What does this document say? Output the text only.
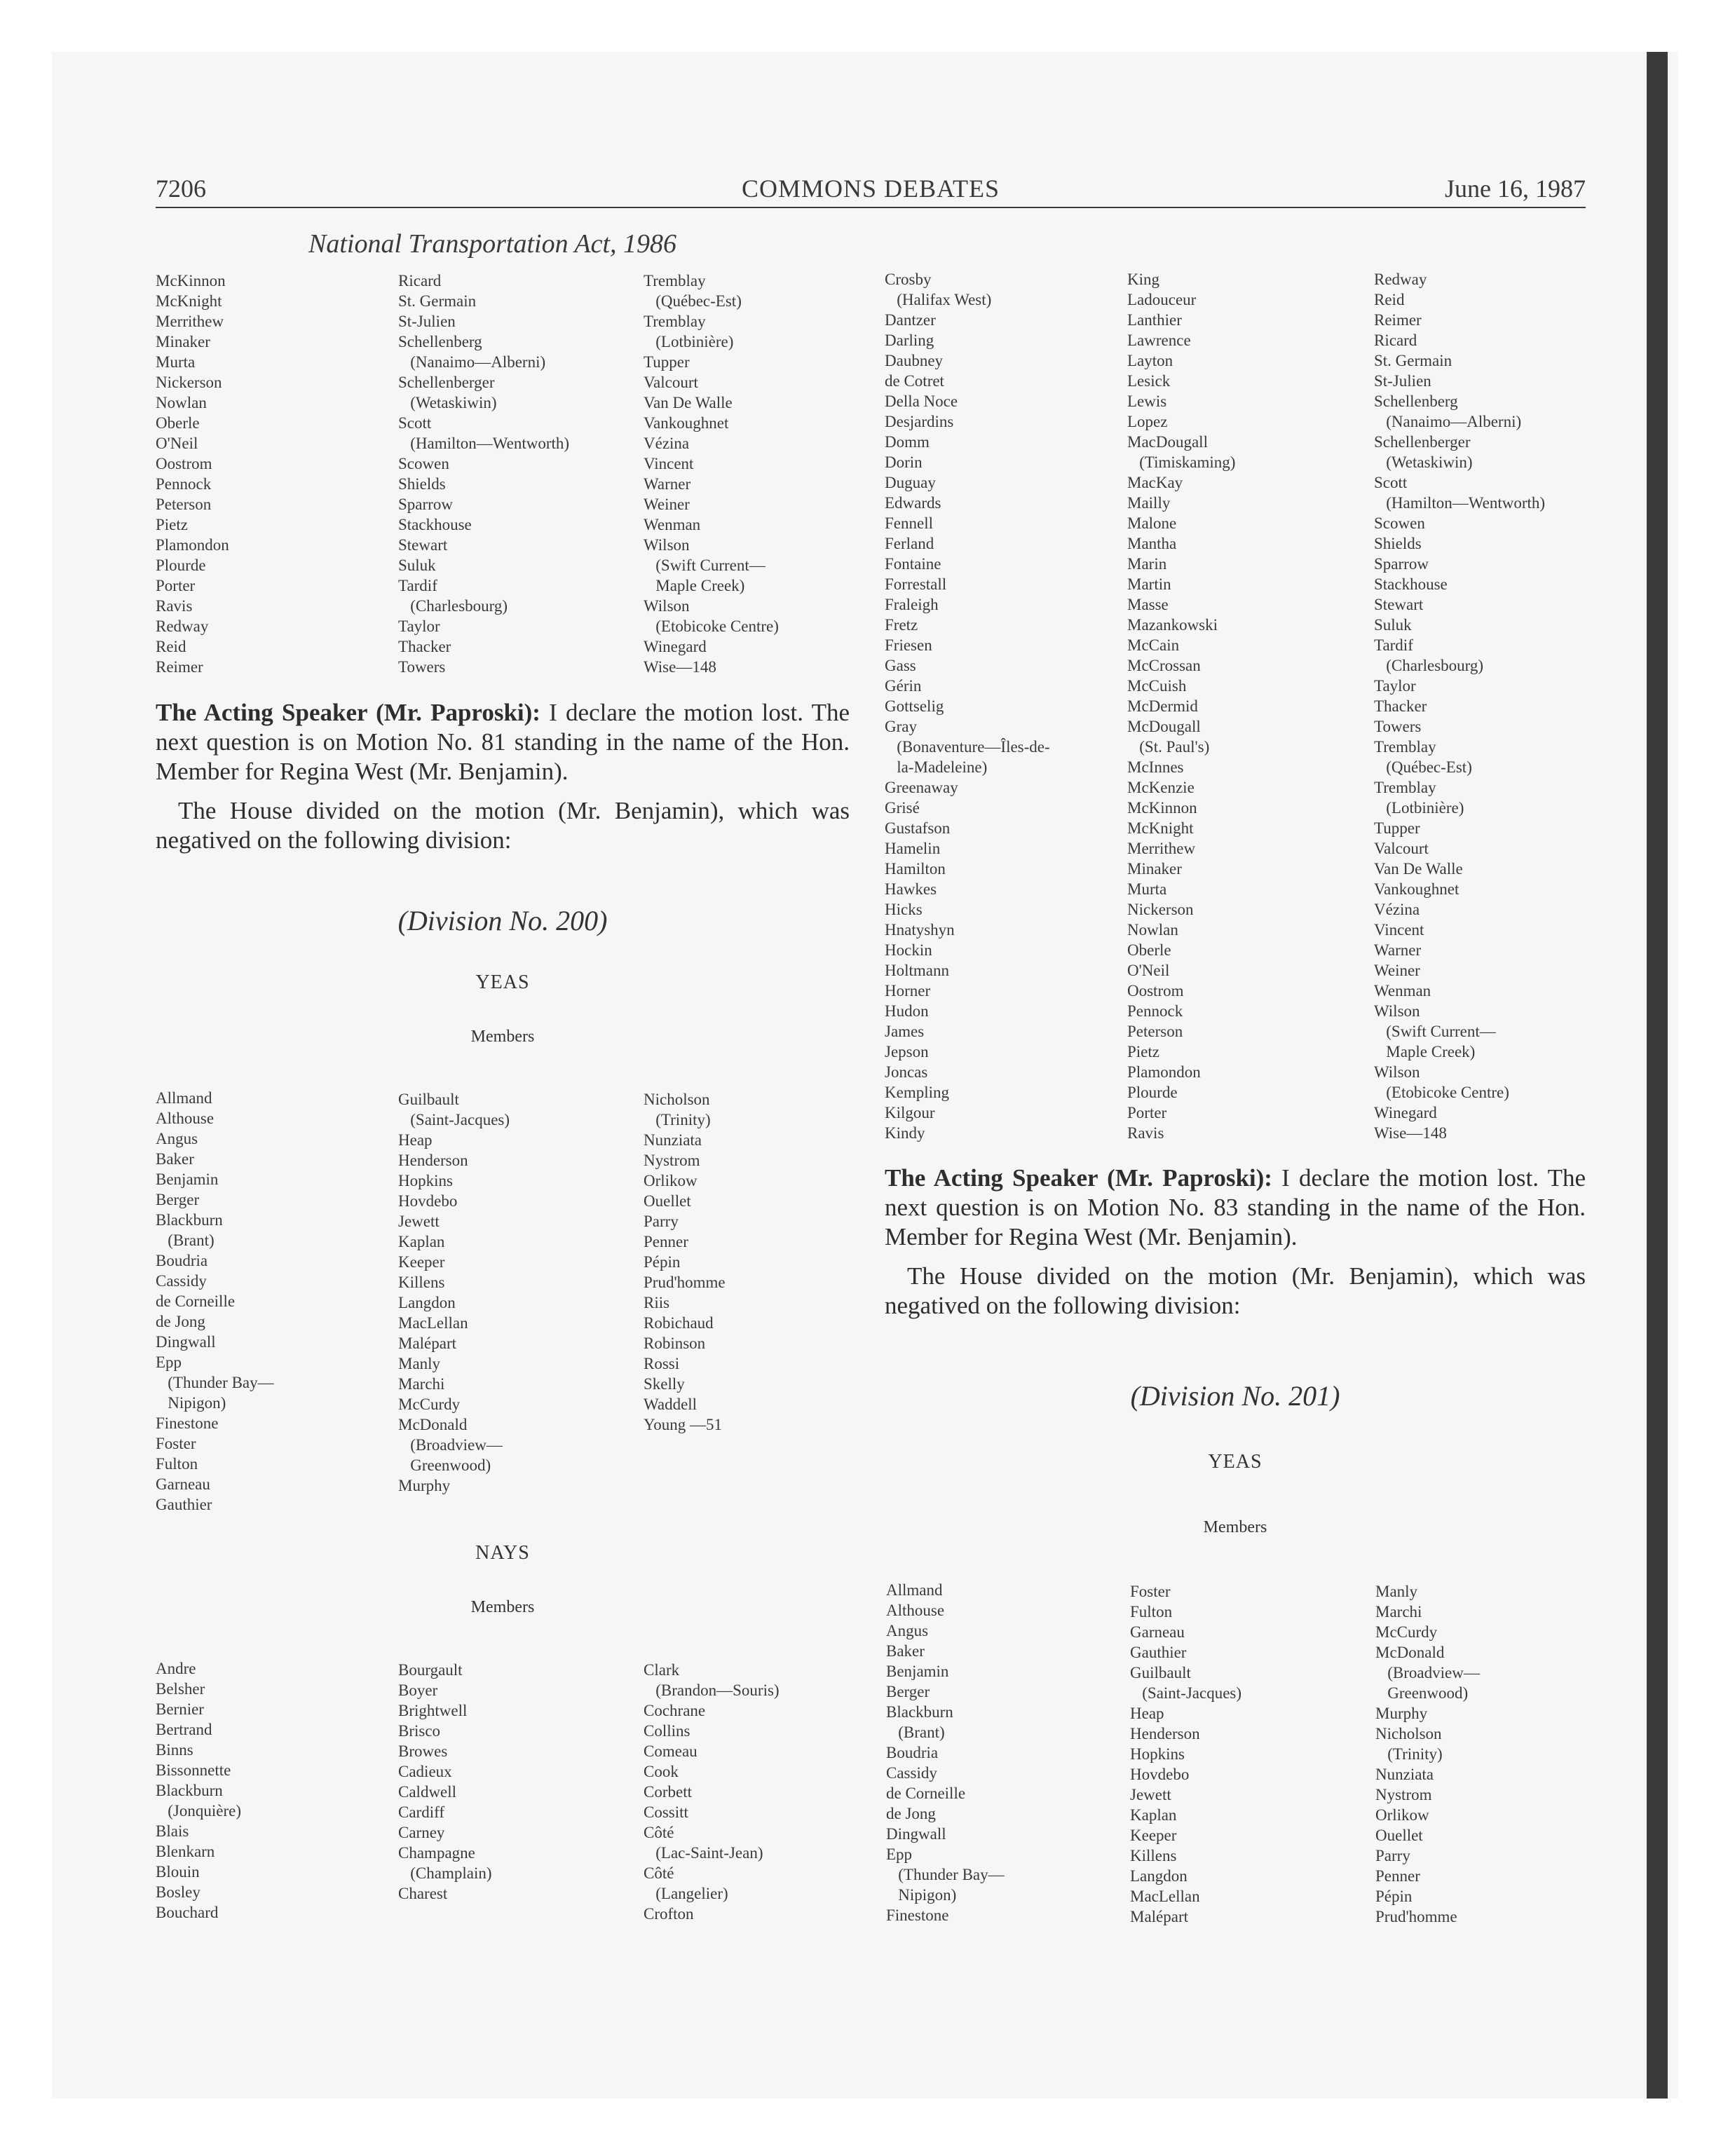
7206	COMMONS DEBATES	June 16, 1987
National Transportation Act, 1986
McKinnon
McKnight
Merrithew
Minaker
Murta
Nickerson
Nowlan
Oberle
O'Neil
Oostrom
Pennock
Peterson
Pietz
Plamondon
Plourde
Porter
Ravis
Redway
Reid
Reimer
Ricard
St. Germain
St-Julien
Schellenberg
(Nanaimo—Alberni)
Schellenberger
(Wetaskiwin)
Scott
(Hamilton—Wentworth)
Scowen
Shields
Sparrow
Stackhouse
Stewart
Suluk
Tardif
(Charlesbourg)
Taylor
Thacker
Towers
Tremblay
(Québec-Est)
Tremblay
(Lotbinière)
Tupper
Valcourt
Van De Walle
Vankoughnet
Vézina
Vincent
Warner
Weiner
Wenman
Wilson
(Swift Current—
Maple Creek)
Wilson
(Etobicoke Centre)
Winegard
Wise—148

The Acting Speaker (Mr. Paproski): I declare the motion lost. The next question is on Motion No. 81 standing in the name of the Hon. Member for Regina West (Mr. Benjamin).

The House divided on the motion (Mr. Benjamin), which was negatived on the following division:

(Division No. 200)
YEAS
Members
Allmand
Althouse
Angus
Baker
Benjamin
Berger
Blackburn
(Brant)
Boudria
Cassidy
de Corneille
de Jong
Dingwall
Epp
(Thunder Bay—
Nipigon)
Finestone
Foster
Fulton
Garneau
Gauthier
Guilbault
(Saint-Jacques)
Heap
Henderson
Hopkins
Hovdebo
Jewett
Kaplan
Keeper
Killens
Langdon
MacLellan
Malépart
Manly
Marchi
McCurdy
McDonald
(Broadview—
Greenwood)
Murphy
Nicholson
(Trinity)
Nunziata
Nystrom
Orlikow
Ouellet
Parry
Penner
Pépin
Prud'homme
Riis
Robichaud
Robinson
Rossi
Skelly
Waddell
Young —51
NAYS
Members
Andre
Belsher
Bernier
Bertrand
Binns
Bissonnette
Blackburn
(Jonquière)
Blais
Blenkarn
Blouin
Bosley
Bouchard
Bourgault
Boyer
Brightwell
Brisco
Browes
Cadieux
Caldwell
Cardiff
Carney
Champagne
(Champlain)
Charest
Clark
(Brandon—Souris)
Cochrane
Collins
Comeau
Cook
Corbett
Cossitt
Côté
(Lac-Saint-Jean)
Côté
(Langelier)
Crofton
Crosby
(Halifax West)
Dantzer
Darling
Daubney
de Cotret
Della Noce
Desjardins
Domm
Dorin
Duguay
Edwards
Fennell
Ferland
Fontaine
Forrestall
Fraleigh
Fretz
Friesen
Gass
Gérin
Gottselig
Gray
(Bonaventure—Îles-de-
la-Madeleine)
Greenaway
Grisé
Gustafson
Hamelin
Hamilton
Hawkes
Hicks
Hnatyshyn
Hockin
Holtmann
Horner
Hudon
James
Jepson
Joncas
Kempling
Kilgour
Kindy
King
Ladouceur
Lanthier
Lawrence
Layton
Lesick
Lewis
Lopez
MacDougall
(Timiskaming)
MacKay
Mailly
Malone
Mantha
Marin
Martin
Masse
Mazankowski
McCain
McCrossan
McCuish
McDermid
McDougall
(St. Paul's)
McInnes
McKenzie
McKinnon
McKnight
Merrithew
Minaker
Murta
Nickerson
Nowlan
Oberle
O'Neil
Oostrom
Pennock
Peterson
Pietz
Plamondon
Plourde
Porter
Ravis
Redway
Reid
Reimer
Ricard
St. Germain
St-Julien
Schellenberg
(Nanaimo—Alberni)
Schellenberger
(Wetaskiwin)
Scott
(Hamilton—Wentworth)
Scowen
Shields
Sparrow
Stackhouse
Stewart
Suluk
Tardif
(Charlesbourg)
Taylor
Thacker
Towers
Tremblay
(Québec-Est)
Tremblay
(Lotbinière)
Tupper
Valcourt
Van De Walle
Vankoughnet
Vézina
Vincent
Warner
Weiner
Wenman
Wilson
(Swift Current—
Maple Creek)
Wilson
(Etobicoke Centre)
Winegard
Wise—148

The Acting Speaker (Mr. Paproski): I declare the motion lost. The next question is on Motion No. 83 standing in the name of the Hon. Member for Regina West (Mr. Benjamin).

The House divided on the motion (Mr. Benjamin), which was negatived on the following division:

(Division No. 201)
YEAS
Members
Allmand
Althouse
Angus
Baker
Benjamin
Berger
Blackburn
(Brant)
Boudria
Cassidy
de Corneille
de Jong
Dingwall
Epp
(Thunder Bay—
Nipigon)
Finestone
Foster
Fulton
Garneau
Gauthier
Guilbault
(Saint-Jacques)
Heap
Henderson
Hopkins
Hovdebo
Jewett
Kaplan
Keeper
Killens
Langdon
MacLellan
Malépart
Manly
Marchi
McCurdy
McDonald
(Broadview—
Greenwood)
Murphy
Nicholson
(Trinity)
Nunziata
Nystrom
Orlikow
Ouellet
Parry
Penner
Pépin
Prud'homme
